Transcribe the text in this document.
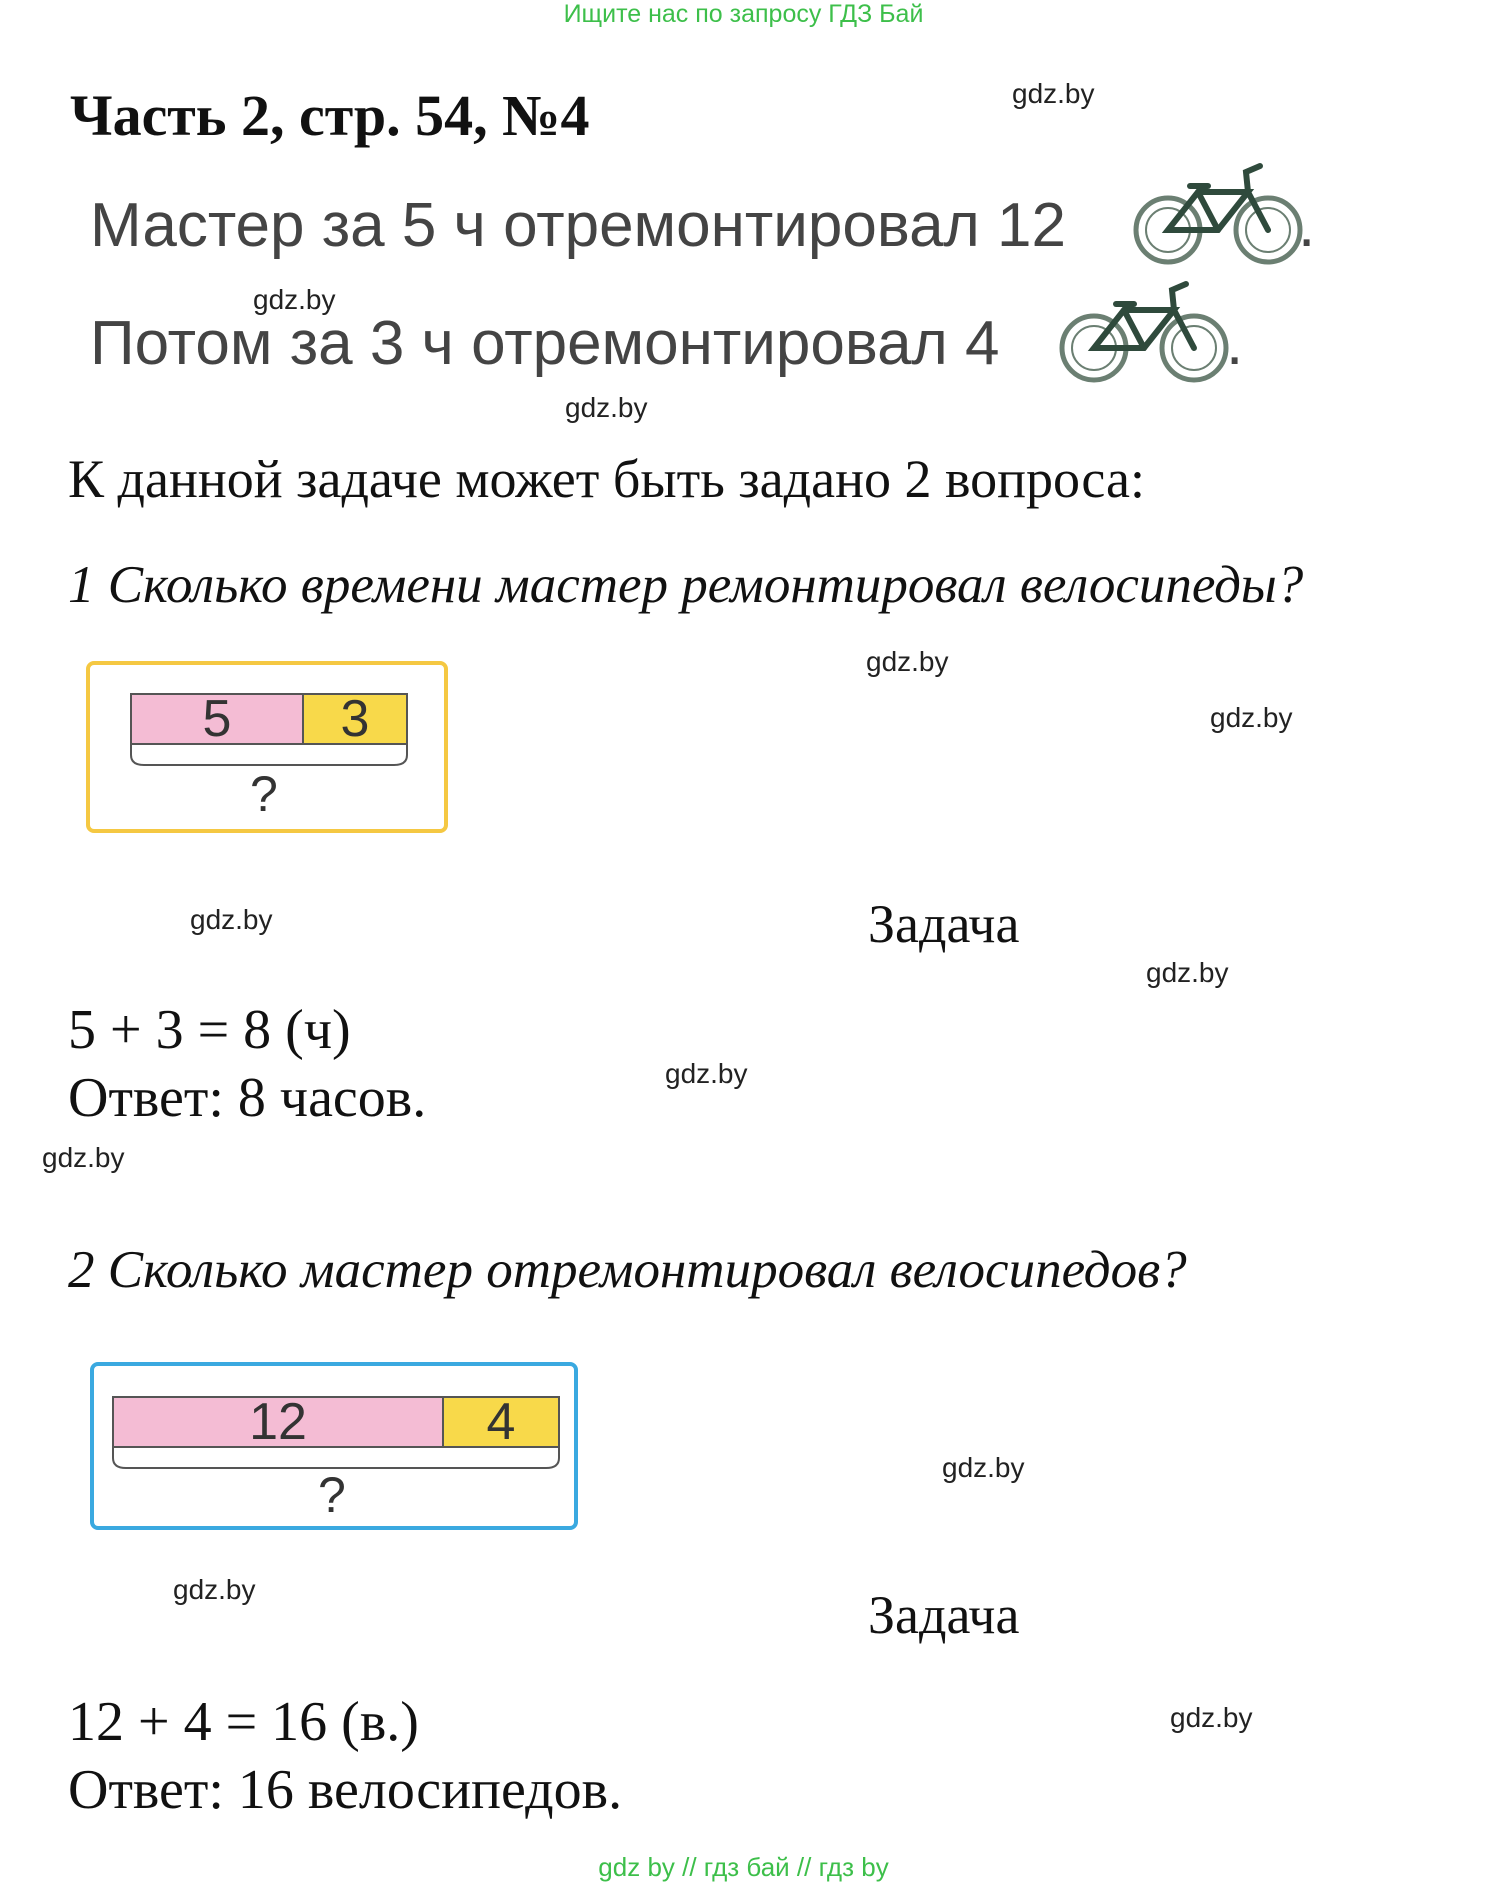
Ищите нас по запросу ГДЗ Бай
Часть 2, стр. 54, №4	gdz.by
gdz.by
gdz.by
gdz.by
gdz.by
gdz.by
gdz.by
gdz.by
gdz.by
gdz.by
gdz.by
gdz.by
Мастер за 5 ч отремонтировал 12	.
Потом за 3 ч отремонтировал 4	.
К данной задаче может быть задано 2 вопроса:
1 Сколько времени мастер ремонтировал велосипеды?
5	3
?
Задача
5 + 3 = 8 (ч)
Ответ: 8 часов.
2 Сколько мастер отремонтировал велосипедов?
12	4
?
Задача
12 + 4 = 16 (в.)
Ответ: 16 велосипедов.
gdz by // гдз бай // гдз by
